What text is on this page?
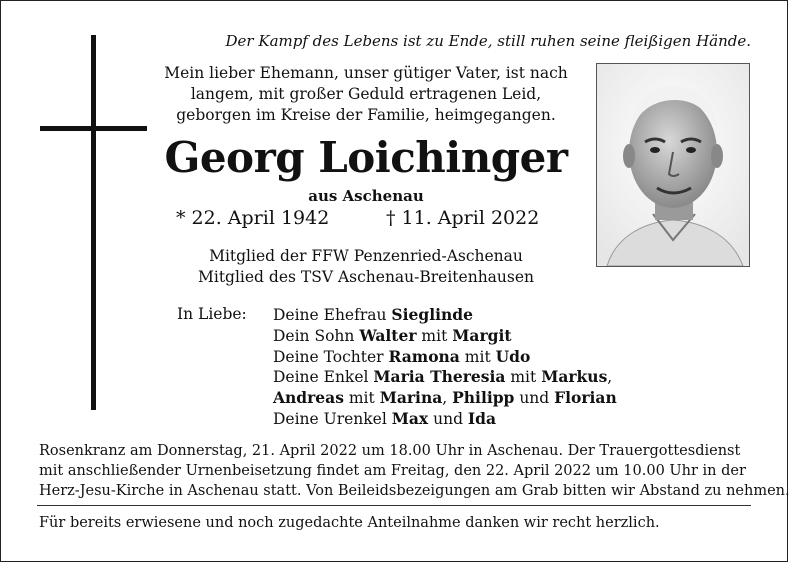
Der Kampf des Lebens ist zu Ende, still ruhen seine fleißigen Hände.
Mein lieber Ehemann, unser gütiger Vater, ist nach
langem, mit großer Geduld ertragenen Leid,
geborgen im Kreise der Familie, heimgegangen.
Georg Loichinger
aus Aschenau
* 22. April 1942	† 11. April 2022
Mitglied der FFW Penzenried-Aschenau
Mitglied des TSV Aschenau-Breitenhausen
In Liebe: Deine Ehefrau Sieglinde
Dein Sohn Walter mit Margit
Deine Tochter Ramona mit Udo
Deine Enkel Maria Theresia mit Markus,
Andreas mit Marina, Philipp und Florian
Deine Urenkel Max und Ida
Rosenkranz am Donnerstag, 21. April 2022 um 18.00 Uhr in Aschenau. Der Trauergottesdienst
mit anschließender Urnenbeisetzung findet am Freitag, den 22. April 2022 um 10.00 Uhr in der
Herz-Jesu-Kirche in Aschenau statt. Von Beileidsbezeigungen am Grab bitten wir Abstand zu nehmen.
Für bereits erwiesene und noch zugedachte Anteilnahme danken wir recht herzlich.
